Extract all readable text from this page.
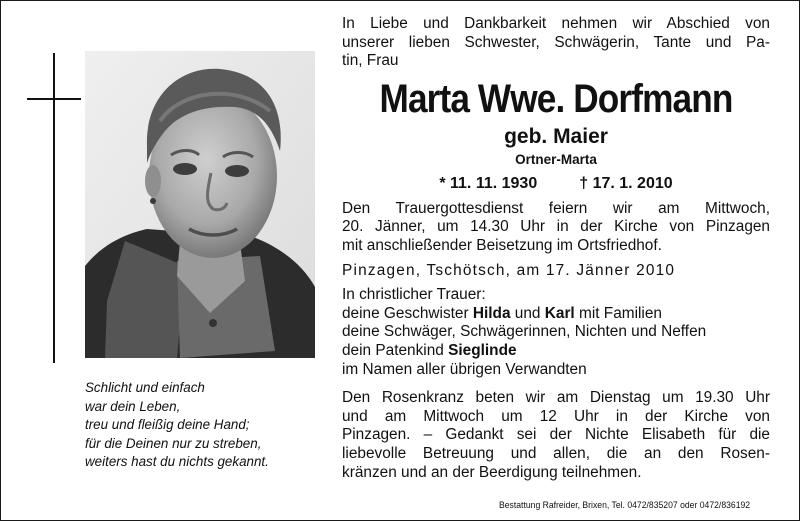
Schlicht und einfach
war dein Leben,
treu und fleißig deine Hand;
für die Deinen nur zu streben,
weiters hast du nichts gekannt.
In Liebe und Dankbarkeit nehmen wir Abschied von
unserer lieben Schwester, Schwägerin, Tante und Pa-
tin, Frau
Marta Wwe. Dorfmann
geb. Maier
Ortner-Marta
* 11. 11. 1930	† 17. 1. 2010
Den Trauergottesdienst feiern wir am Mittwoch,
20. Jänner, um 14.30 Uhr in der Kirche von Pinzagen
mit anschließender Beisetzung im Ortsfriedhof.
Pinzagen, Tschötsch, am 17. Jänner 2010
In christlicher Trauer:
deine Geschwister Hilda und Karl mit Familien
deine Schwäger, Schwägerinnen, Nichten und Neffen
dein Patenkind Sieglinde
im Namen aller übrigen Verwandten
Den Rosenkranz beten wir am Dienstag um 19.30 Uhr
und am Mittwoch um 12 Uhr in der Kirche von
Pinzagen. – Gedankt sei der Nichte Elisabeth für die
liebevolle Betreuung und allen, die an den Rosen-
kränzen und an der Beerdigung teilnehmen.
Bestattung Rafreider, Brixen, Tel. 0472/835207 oder 0472/836192
